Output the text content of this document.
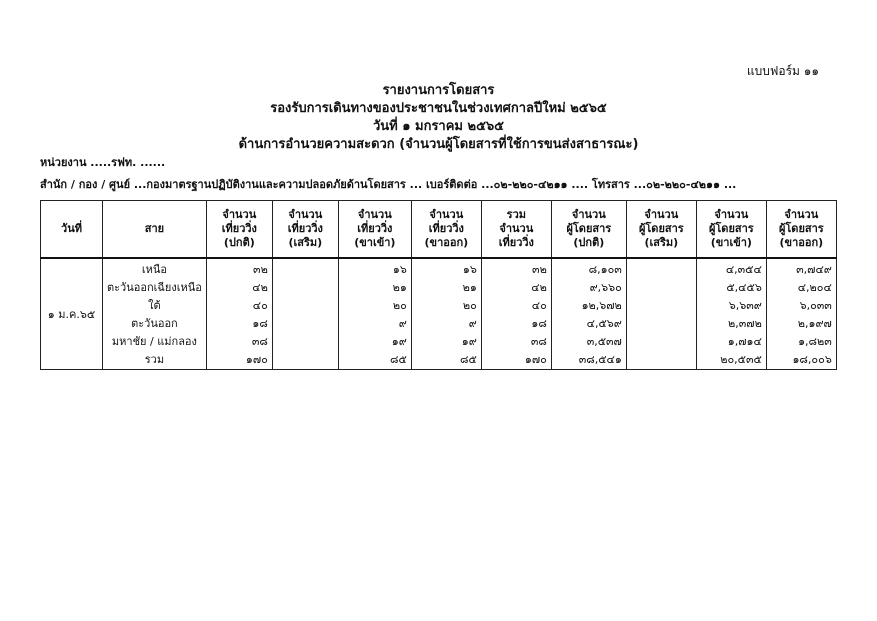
แบบฟอร์ม ๑๑
รายงานการโดยสาร
รองรับการเดินทางของประชาชนในช่วงเทศกาลปีใหม่ ๒๕๖๕
วันที่ ๑ มกราคม ๒๕๖๕
ด้านการอำนวยความสะดวก (จำนวนผู้โดยสารที่ใช้การขนส่งสาธารณะ)
หน่วยงาน .....รฟท. ......
สำนัก / กอง / ศูนย์ ...กองมาตรฐานปฏิบัติงานและความปลอดภัยด้านโดยสาร ... เบอร์ติดต่อ ...๐๒-๒๒๐-๔๒๑๑ .... โทรสาร ...๐๒-๒๒๐-๔๒๑๑ ...
วันที่	สาย	จำนวน
เที่ยววิ่ง
(ปกติ)	จำนวน
เที่ยววิ่ง
(เสริม)	จำนวน
เที่ยววิ่ง
(ขาเข้า)	จำนวน
เที่ยววิ่ง
(ขาออก)	รวม
จำนวน
เที่ยววิ่ง	จำนวน
ผู้โดยสาร
(ปกติ)	จำนวน
ผู้โดยสาร
(เสริม)	จำนวน
ผู้โดยสาร
(ขาเข้า)	จำนวน
ผู้โดยสาร
(ขาออก)

๑ ม.ค.๖๕	เหนือ	๓๒		๑๖	๑๖	๓๒	๘,๑๐๓		๔,๓๕๔	๓,๗๔๙
	ตะวันออกเฉียงเหนือ	๔๒		๒๑	๒๑	๔๒	๙,๖๖๐		๕,๔๕๖	๔,๒๐๔
	ใต้	๔๐		๒๐	๒๐	๔๐	๑๒,๖๗๒		๖,๖๓๙	๖,๐๓๓
	ตะวันออก	๑๘		๙	๙	๑๘	๔,๕๖๙		๒,๓๗๒	๒,๑๙๗
	มหาชัย / แม่กลอง	๓๘		๑๙	๑๙	๓๘	๓,๕๓๗		๑,๗๑๔	๑,๘๒๓
	รวม	๑๗๐		๘๕	๘๕	๑๗๐	๓๘,๕๔๑		๒๐,๕๓๕	๑๘,๐๐๖
